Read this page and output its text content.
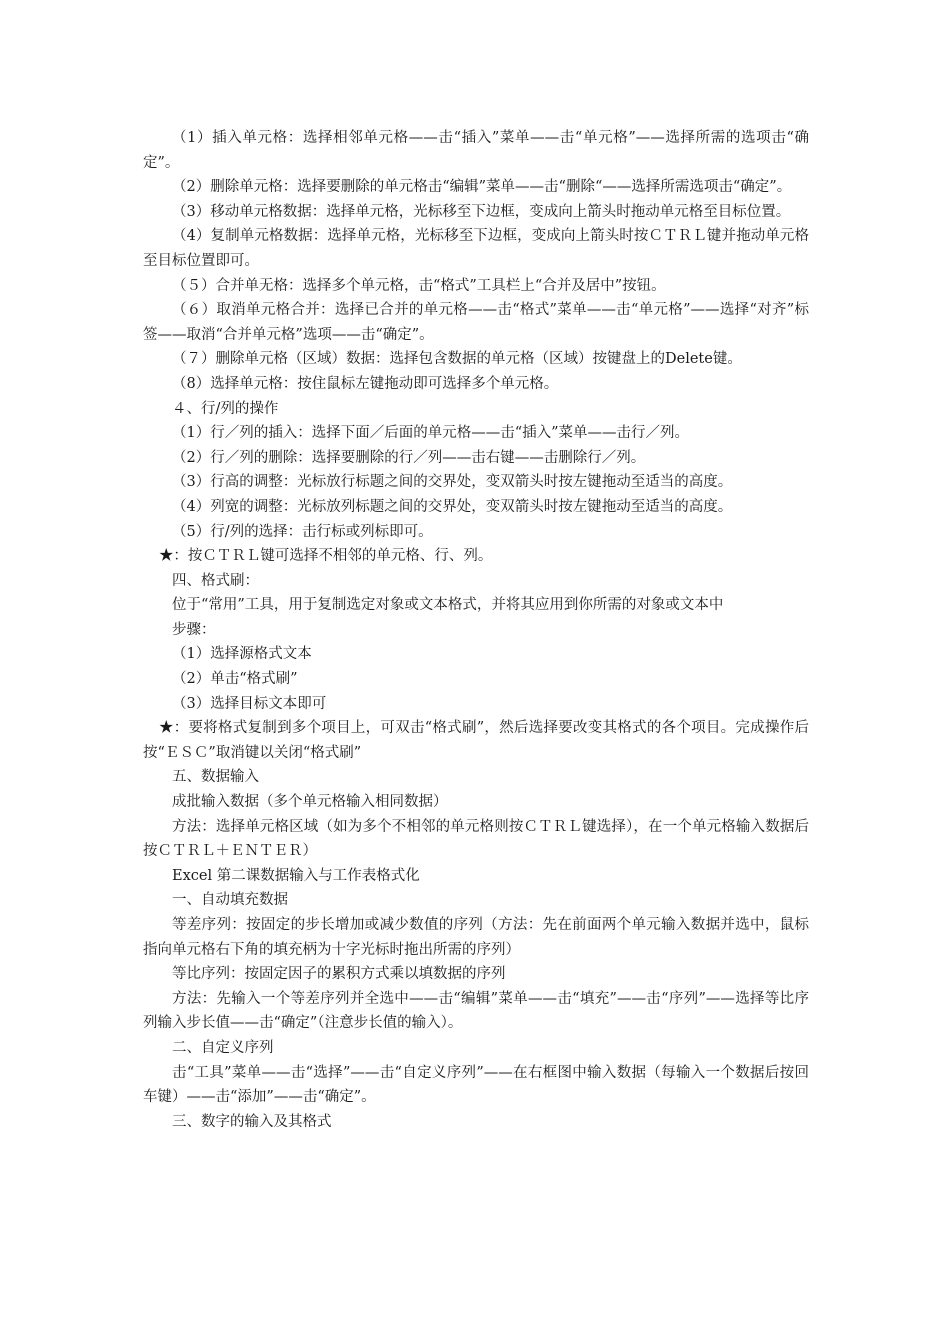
（1）插入单元格：选择相邻单元格——击“插入”菜单——击“单元格”——选择所需的选项击“确定”。

（2）删除单元格：选择要删除的单元格击“编辑”菜单——击“删除“——选择所需选项击“确定”。

（3）移动单元格数据：选择单元格，光标移至下边框，变成向上箭头时拖动单元格至目标位置。

（4）复制单元格数据：选择单元格，光标移至下边框，变成向上箭头时按ＣＴＲＬ键并拖动单元格至目标位置即可。

（５）合并单无格：选择多个单元格，击“格式”工具栏上“合并及居中”按钮。

（６）取消单元格合并：选择已合并的单元格——击“格式”菜单——击“单元格”——选择“对齐”标签——取消“合并单元格”选项——击“确定”。

（７）删除单元格（区域）数据：选择包含数据的单元格（区域）按键盘上的Delete键。

（8）选择单元格：按住鼠标左键拖动即可选择多个单元格。

４、行/列的操作

（1）行／列的插入：选择下面／后面的单元格——击“插入”菜单——击行／列。

（2）行／列的删除：选择要删除的行／列——击右键——击删除行／列。

（3）行高的调整：光标放行标题之间的交界处，变双箭头时按左键拖动至适当的高度。

（4）列宽的调整：光标放列标题之间的交界处，变双箭头时按左键拖动至适当的高度。

（5）行/列的选择：击行标或列标即可。

★：按ＣＴＲＬ键可选择不相邻的单元格、行、列。

四、格式刷：

位于“常用”工具，用于复制选定对象或文本格式，并将其应用到你所需的对象或文本中

步骤：

（1）选择源格式文本

（2）单击“格式刷”

（3）选择目标文本即可

★：要将格式复制到多个项目上，可双击“格式刷”，然后选择要改变其格式的各个项目。完成操作后按“ＥＳＣ”取消键以关闭“格式刷”

五、数据输入

成批输入数据（多个单元格输入相同数据）

方法：选择单元格区域（如为多个不相邻的单元格则按ＣＴＲＬ键选择），在一个单元格输入数据后按ＣＴＲＬ＋ＥＮＴＥＲ）

Excel 第二课数据输入与工作表格式化

一、自动填充数据

等差序列：按固定的步长增加或减少数值的序列（方法：先在前面两个单元输入数据并选中，鼠标指向单元格右下角的填充柄为十字光标时拖出所需的序列）

等比序列：按固定因子的累积方式乘以填数据的序列

方法：先输入一个等差序列并全选中——击“编辑”菜单——击“填充”——击“序列”——选择等比序列输入步长值——击“确定”（注意步长值的输入）。

二、自定义序列

击“工具”菜单——击“选择”——击“自定义序列”——在右框图中输入数据（每输入一个数据后按回车键）——击“添加”——击“确定”。

三、数字的输入及其格式
